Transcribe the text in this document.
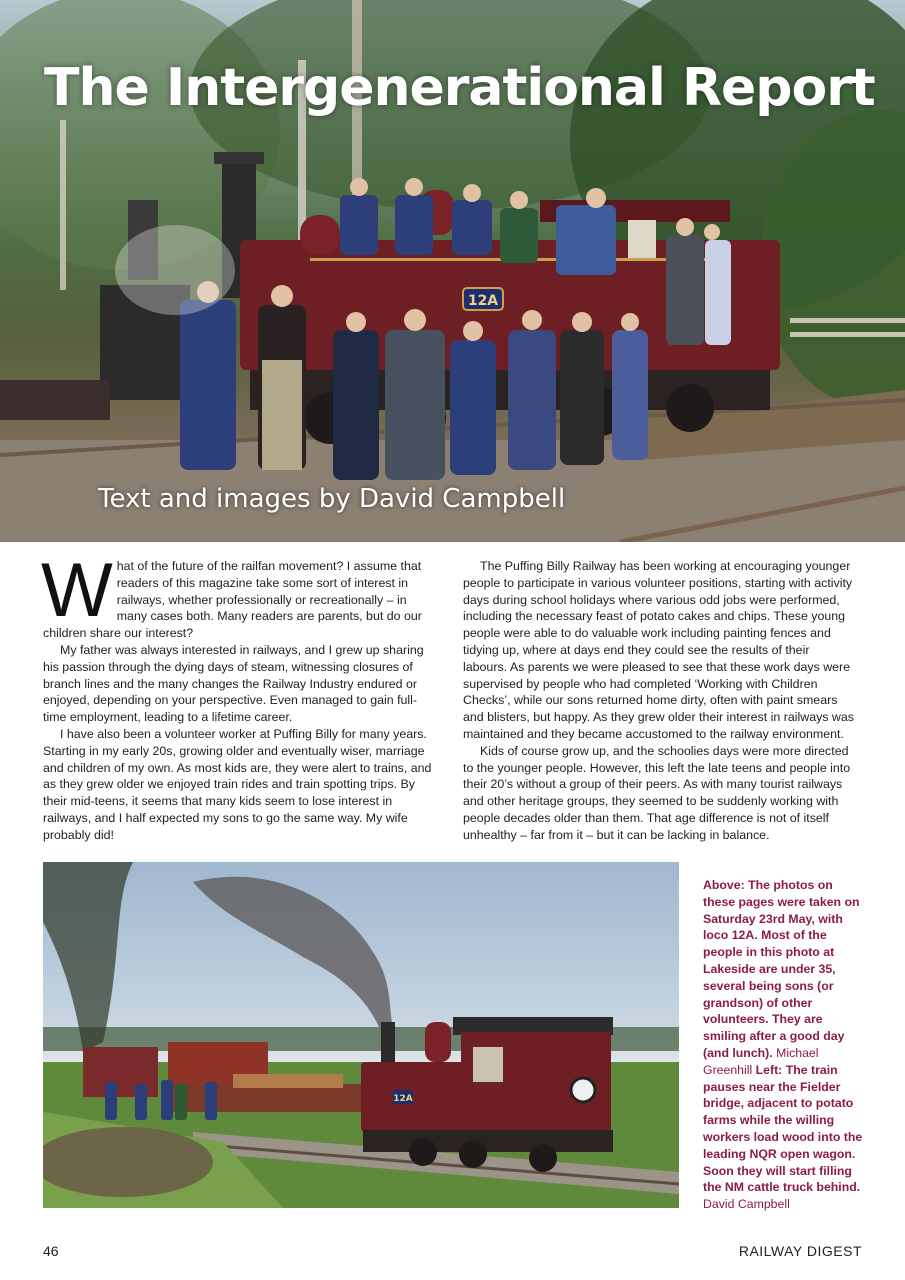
12A
The Intergenerational Report
Text and images by David Campbell

What of the future of the railfan movement? I assume that readers of this magazine take some sort of interest in railways, whether professionally or recreationally – in many cases both. Many readers are parents, but do our children share our interest?

My father was always interested in railways, and I grew up sharing his passion through the dying days of steam, witnessing closures of branch lines and the many changes the Railway Industry endured or enjoyed, depending on your perspective. Even managed to gain full-time employment, leading to a lifetime career.

I have also been a volunteer worker at Puffing Billy for many years. Starting in my early 20s, growing older and eventually wiser, marriage and children of my own. As most kids are, they were alert to trains, and as they grew older we enjoyed train rides and train spotting trips. By their mid-teens, it seems that many kids seem to lose interest in railways, and I half expected my sons to go the same way. My wife probably did!

The Puffing Billy Railway has been working at encouraging younger people to participate in various volunteer positions, starting with activity days during school holidays where various odd jobs were performed, including the necessary feast of potato cakes and chips. These young people were able to do valuable work including painting fences and tidying up, where at days end they could see the results of their labours. As parents we were pleased to see that these work days were supervised by people who had completed ‘Working with Children Checks’, while our sons returned home dirty, often with paint smears and blisters, but happy. As they grew older their interest in railways was maintained and they became accustomed to the railway environment.

Kids of course grow up, and the schoolies days were more directed to the younger people. However, this left the late teens and people into their 20’s without a group of their peers. As with many tourist railways and other heritage groups, they seemed to be suddenly working with people decades older than them. That age difference is not of itself unhealthy – far from it – but it can be lacking in balance.

12A
Above: The photos on these pages were taken on Saturday 23rd May, with loco 12A. Most of the people in this photo at Lakeside are under 35, several being sons (or grandson) of other volunteers. They are smiling after a good day (and lunch). Michael Greenhill Left: The train pauses near the Fielder bridge, adjacent to potato farms while the willing workers load wood into the leading NQR open wagon. Soon they will start filling the NM cattle truck behind. David Campbell
46	RAILWAY DIGEST
